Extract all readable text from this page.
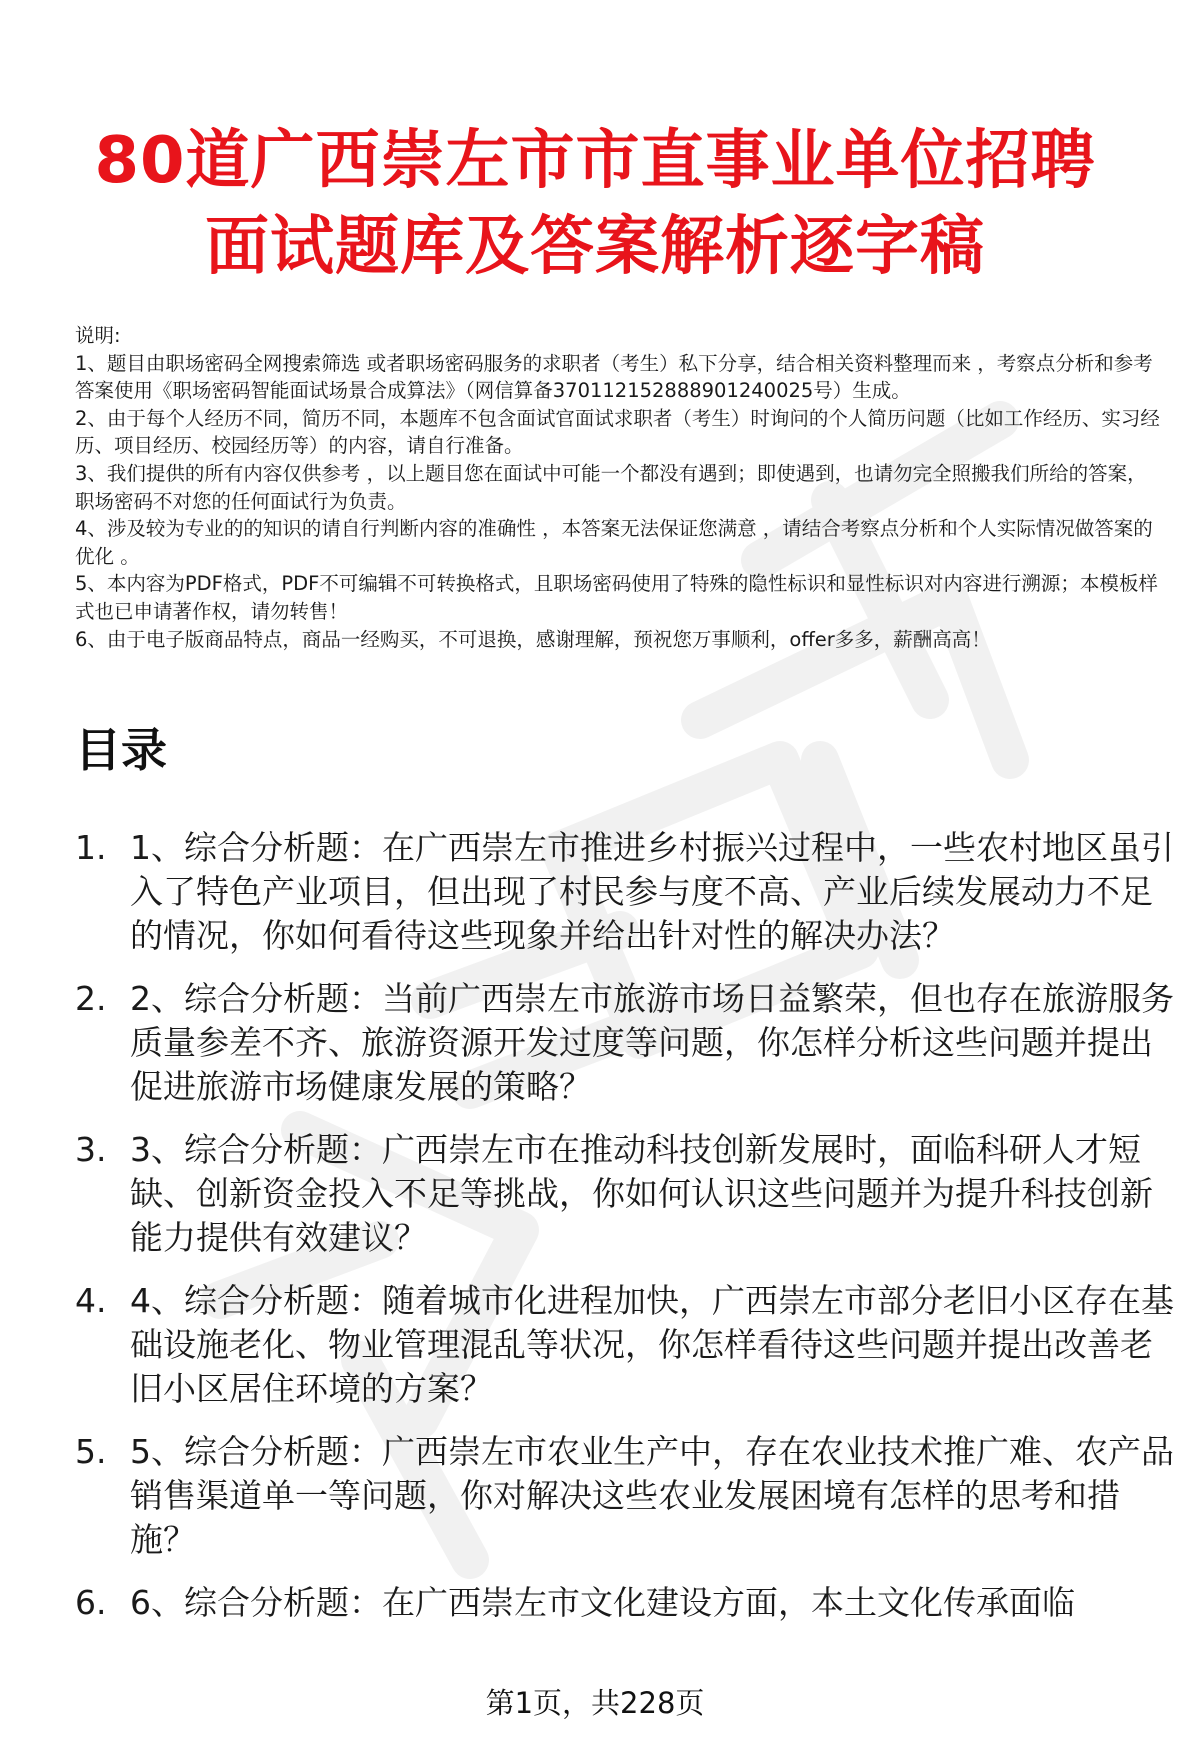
80道广西崇左市市直事业单位招聘
面试题库及答案解析逐字稿

说明:

1、题目由职场密码全网搜索筛选 或者职场密码服务的求职者（考生）私下分享，结合相关资料整理而来 ，考察点分析和参考答案使用《职场密码智能面试场景合成算法》（网信算备370112152888901240025号）生成。

2、由于每个人经历不同，简历不同，本题库不包含面试官面试求职者（考生）时询问的个人简历问题（比如工作经历、实习经历、项目经历、校园经历等）的内容，请自行准备。

3、我们提供的所有内容仅供参考 ，以上题目您在面试中可能一个都没有遇到；即使遇到，也请勿完全照搬我们所给的答案，职场密码不对您的任何面试行为负责。

4、涉及较为专业的的知识的请自行判断内容的准确性 ，本答案无法保证您满意 ，请结合考察点分析和个人实际情况做答案的优化 。

5、本内容为PDF格式，PDF不可编辑不可转换格式，且职场密码使用了特殊的隐性标识和显性标识对内容进行溯源；本模板样式也已申请著作权，请勿转售！

6、由于电子版商品特点，商品一经购买，不可退换，感谢理解，预祝您万事顺利，offer多多，薪酬高高！

目录
1. 1、综合分析题：在广西崇左市推进乡村振兴过程中，一些农村地区虽引入了特色产业项目，但出现了村民参与度不高、产业后续发展动力不足的情况，你如何看待这些现象并给出针对性的解决办法？
2. 2、综合分析题：当前广西崇左市旅游市场日益繁荣，但也存在旅游服务质量参差不齐、旅游资源开发过度等问题，你怎样分析这些问题并提出促进旅游市场健康发展的策略？
3. 3、综合分析题：广西崇左市在推动科技创新发展时，面临科研人才短缺、创新资金投入不足等挑战，你如何认识这些问题并为提升科技创新能力提供有效建议？
4. 4、综合分析题：随着城市化进程加快，广西崇左市部分老旧小区存在基础设施老化、物业管理混乱等状况，你怎样看待这些问题并提出改善老旧小区居住环境的方案？
5. 5、综合分析题：广西崇左市农业生产中，存在农业技术推广难、农产品销售渠道单一等问题，你对解决这些农业发展困境有怎样的思考和措施？
6. 6、综合分析题：在广西崇左市文化建设方面，本土文化传承面临
第1页，共228页
